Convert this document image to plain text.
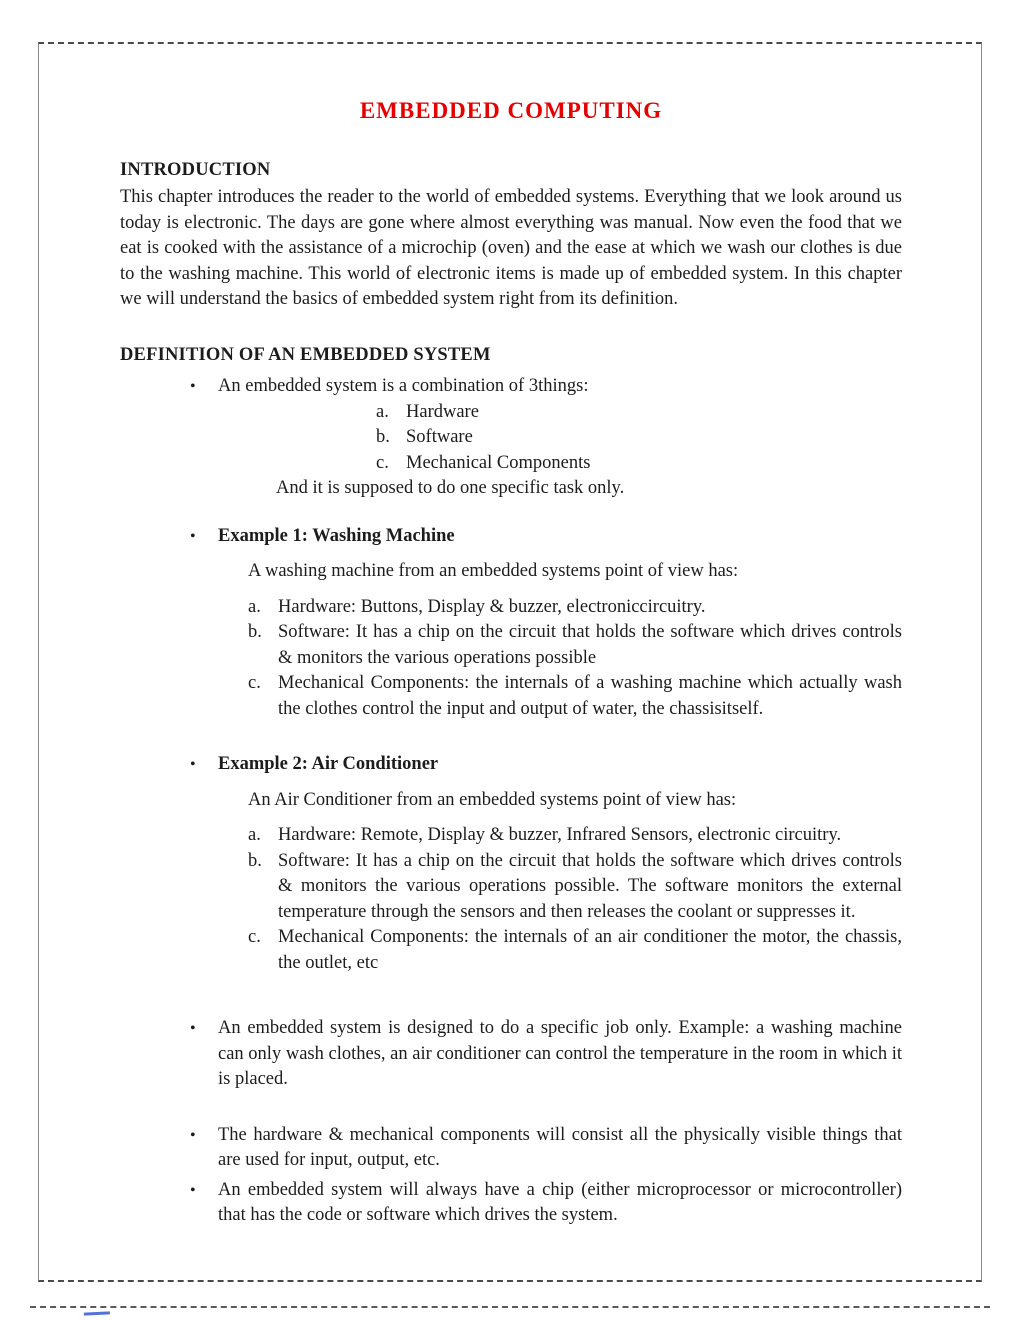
EMBEDDED COMPUTING
INTRODUCTION

This chapter introduces the reader to the world of embedded systems. Everything that we look around us today is electronic. The days are gone where almost everything was manual. Now even the food that we eat is cooked with the assistance of a microchip (oven) and the ease at which we wash our clothes is due to the washing machine. This world of electronic items is made up of embedded system. In this chapter we will understand the basics of embedded system right from its definition.

DEFINITION OF AN EMBEDDED SYSTEM
•	An embedded system is a combination of 3things:
a. Hardware
b. Software
c. Mechanical Components
And it is supposed to do one specific task only.
•	Example 1: Washing Machine

A washing machine from an embedded systems point of view has:

a. Hardware: Buttons, Display & buzzer, electroniccircuitry.
b. Software: It has a chip on the circuit that holds the software which drives controls & monitors the various operations possible
c. Mechanical Components: the internals of a washing machine which actually wash the clothes control the input and output of water, the chassisitself.
•	Example 2: Air Conditioner

An Air Conditioner from an embedded systems point of view has:

a. Hardware: Remote, Display & buzzer, Infrared Sensors, electronic circuitry.
b. Software: It has a chip on the circuit that holds the software which drives controls & monitors the various operations possible. The software monitors the external temperature through the sensors and then releases the coolant or suppresses it.
c. Mechanical Components: the internals of an air conditioner the motor, the chassis, the outlet, etc
•	An embedded system is designed to do a specific job only. Example: a washing machine can only wash clothes, an air conditioner can control the temperature in the room in which it is placed.
•	The hardware & mechanical components will consist all the physically visible things that are used for input, output, etc.
•	An embedded system will always have a chip (either microprocessor or microcontroller) that has the code or software which drives the system.
